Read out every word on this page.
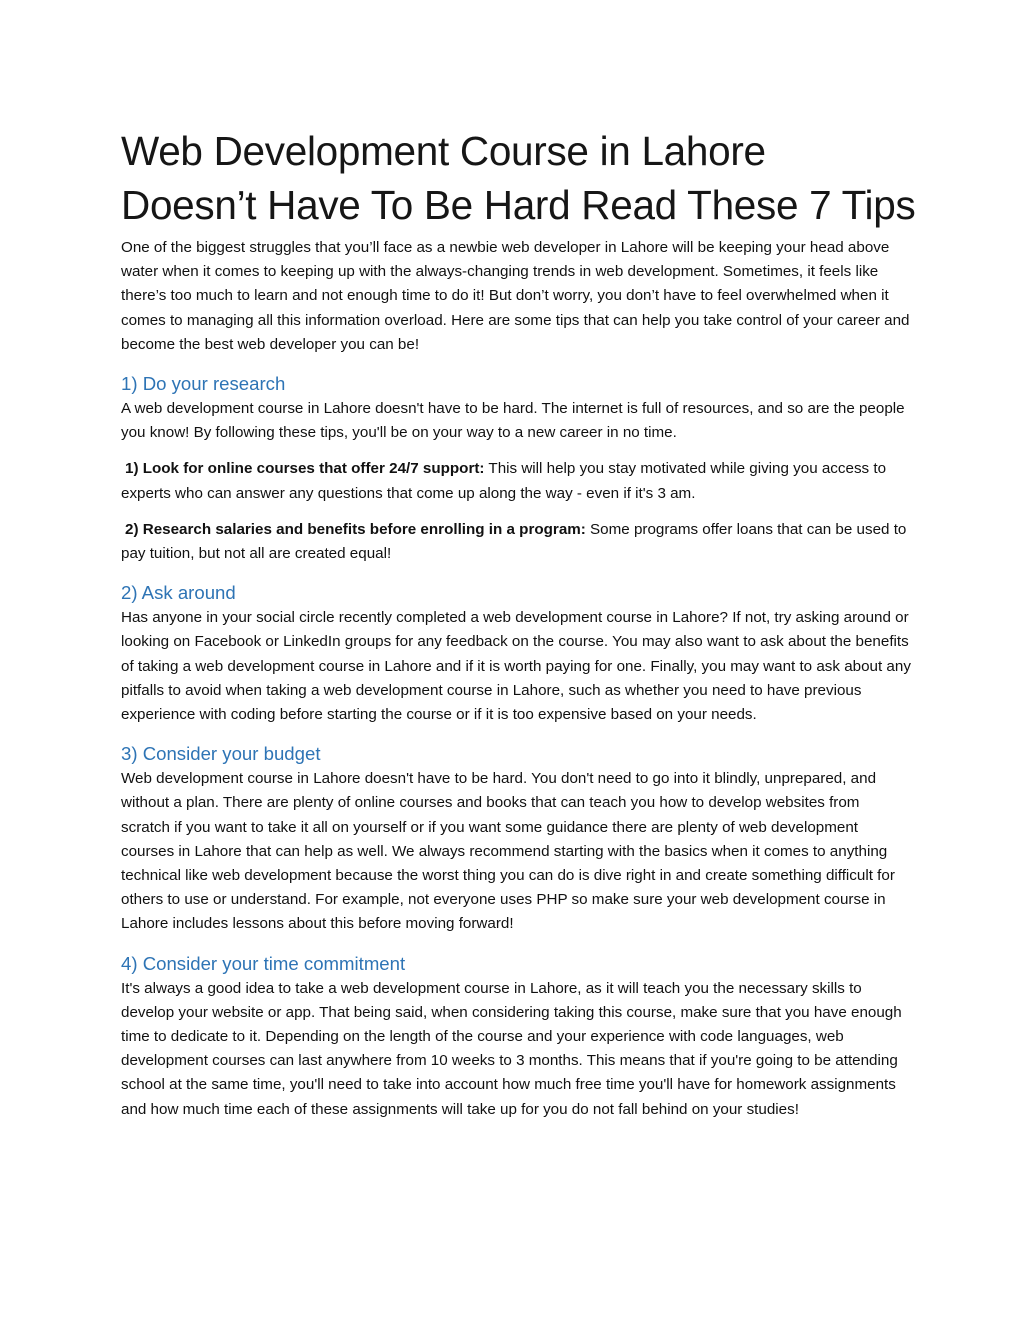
Web Development Course in Lahore
Doesn’t Have To Be Hard Read These 7 Tips

One of the biggest struggles that you’ll face as a newbie web developer in Lahore will be keeping your head above water when it comes to keeping up with the always-changing trends in web development. Sometimes, it feels like there’s too much to learn and not enough time to do it! But don’t worry, you don’t have to feel overwhelmed when it comes to managing all this information overload. Here are some tips that can help you take control of your career and become the best web developer you can be!

1) Do your research

A web development course in Lahore doesn't have to be hard. The internet is full of resources, and so are the people you know! By following these tips, you'll be on your way to a new career in no time.

1) Look for online courses that offer 24/7 support: This will help you stay motivated while giving you access to experts who can answer any questions that come up along the way - even if it's 3 am.

2) Research salaries and benefits before enrolling in a program: Some programs offer loans that can be used to pay tuition, but not all are created equal!

2) Ask around

Has anyone in your social circle recently completed a web development course in Lahore? If not, try asking around or looking on Facebook or LinkedIn groups for any feedback on the course. You may also want to ask about the benefits of taking a web development course in Lahore and if it is worth paying for one. Finally, you may want to ask about any pitfalls to avoid when taking a web development course in Lahore, such as whether you need to have previous experience with coding before starting the course or if it is too expensive based on your needs.

3) Consider your budget

Web development course in Lahore doesn't have to be hard. You don't need to go into it blindly, unprepared, and without a plan. There are plenty of online courses and books that can teach you how to develop websites from scratch if you want to take it all on yourself or if you want some guidance there are plenty of web development courses in Lahore that can help as well. We always recommend starting with the basics when it comes to anything technical like web development because the worst thing you can do is dive right in and create something difficult for others to use or understand. For example, not everyone uses PHP so make sure your web development course in Lahore includes lessons about this before moving forward!

4) Consider your time commitment

It's always a good idea to take a web development course in Lahore, as it will teach you the necessary skills to develop your website or app. That being said, when considering taking this course, make sure that you have enough time to dedicate to it. Depending on the length of the course and your experience with code languages, web development courses can last anywhere from 10 weeks to 3 months. This means that if you're going to be attending school at the same time, you'll need to take into account how much free time you'll have for homework assignments and how much time each of these assignments will take up for you do not fall behind on your studies!
